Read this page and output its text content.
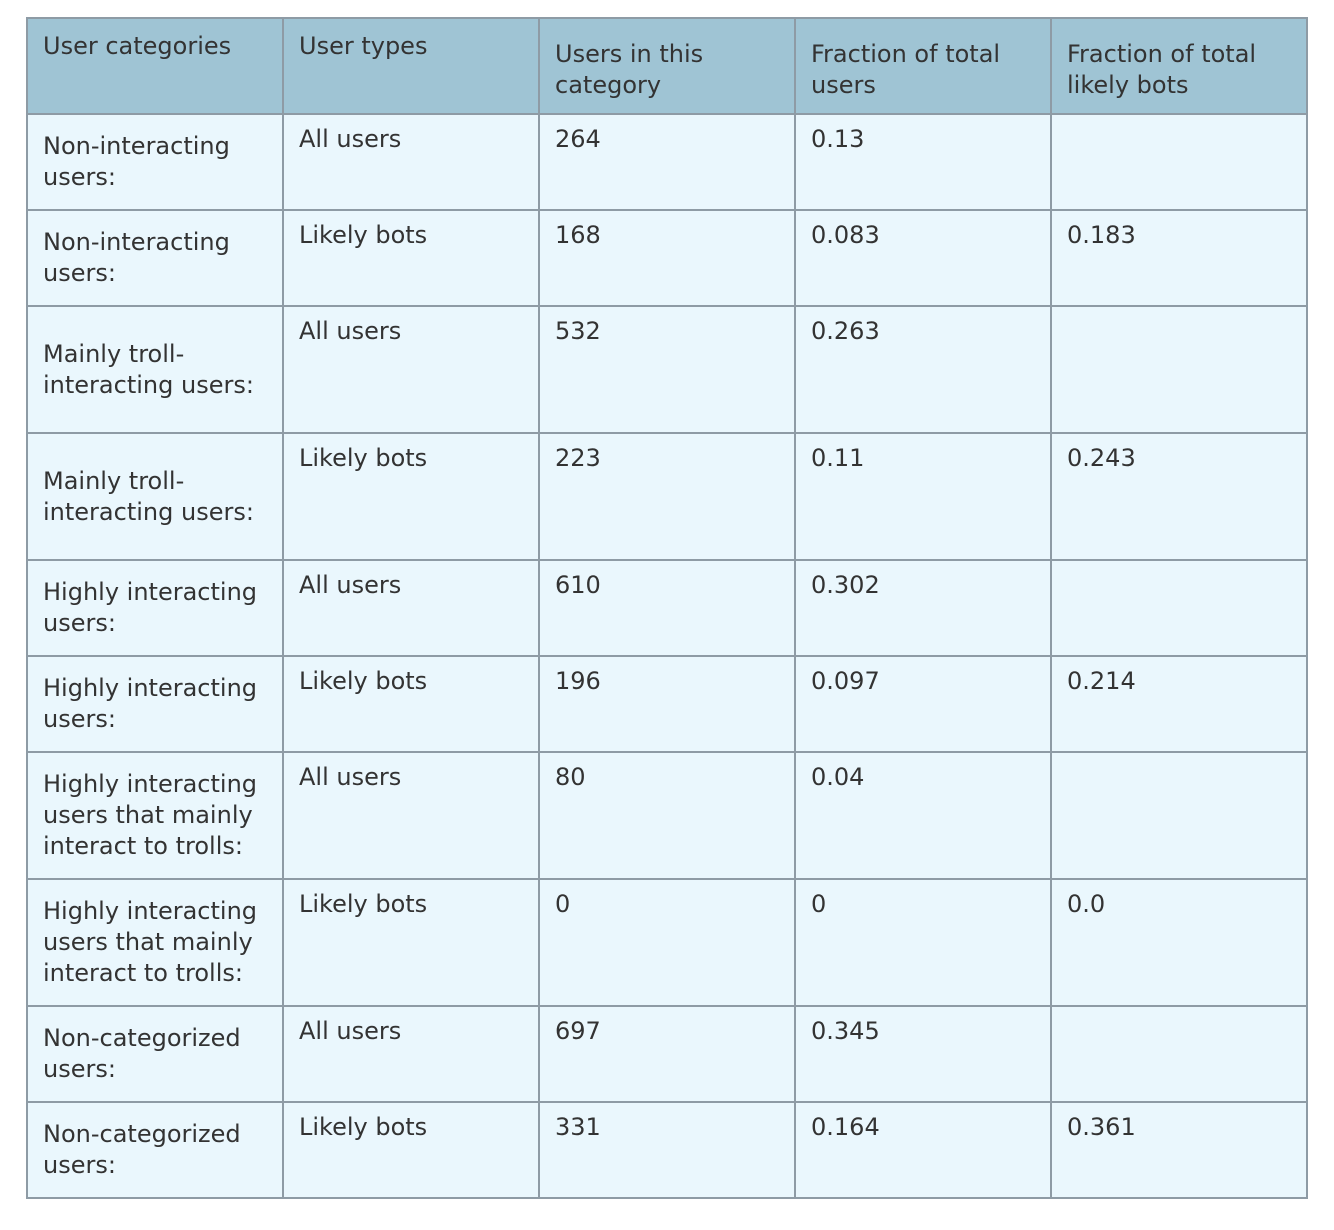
User categories	User types	Users in this category	Fraction of total users	Fraction of total likely bots
Non-interacting users:	All users	264	0.13	
Non-interacting users:	Likely bots	168	0.083	0.183
Mainly troll-interacting users:	All users	532	0.263	
Mainly troll-interacting users:	Likely bots	223	0.11	0.243
Highly interacting users:	All users	610	0.302	
Highly interacting users:	Likely bots	196	0.097	0.214
Highly interacting users that mainly interact to trolls:	All users	80	0.04	
Highly interacting users that mainly interact to trolls:	Likely bots	0	0	0.0
Non-categorized users:	All users	697	0.345	
Non-categorized users:	Likely bots	331	0.164	0.361
